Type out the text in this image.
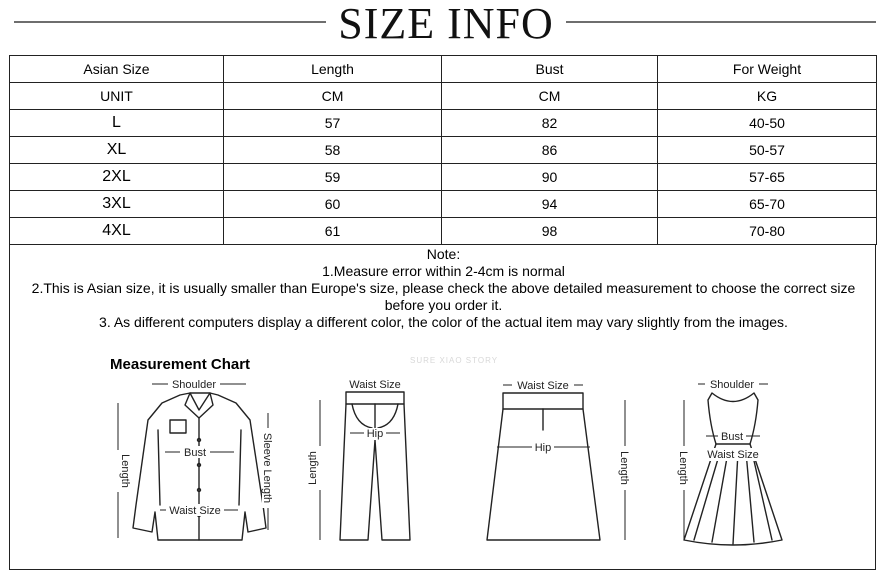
SIZE INFO
Asian Size	Length	Bust	For Weight
UNIT	CM	CM	KG
L	57	82	40-50
XL	58	86	50-57
2XL	59	90	57-65
3XL	60	94	65-70
4XL	61	98	70-80
Note:
1.Measure error within 2-4cm is normal
2.This is Asian size, it is usually smaller than Europe's size, please check the above detailed measurement to choose the correct size
before you order it.
3. As different computers display a different color, the color of the actual item may vary slightly from the images.
Measurement Chart	SURE XIAO STORY
Shoulder
Bust
Waist Size
Length	Sleeve Length
Waist Size
Hip
Length
Waist Size
Hip
Length
Shoulder
Bust
Waist Size
Length
